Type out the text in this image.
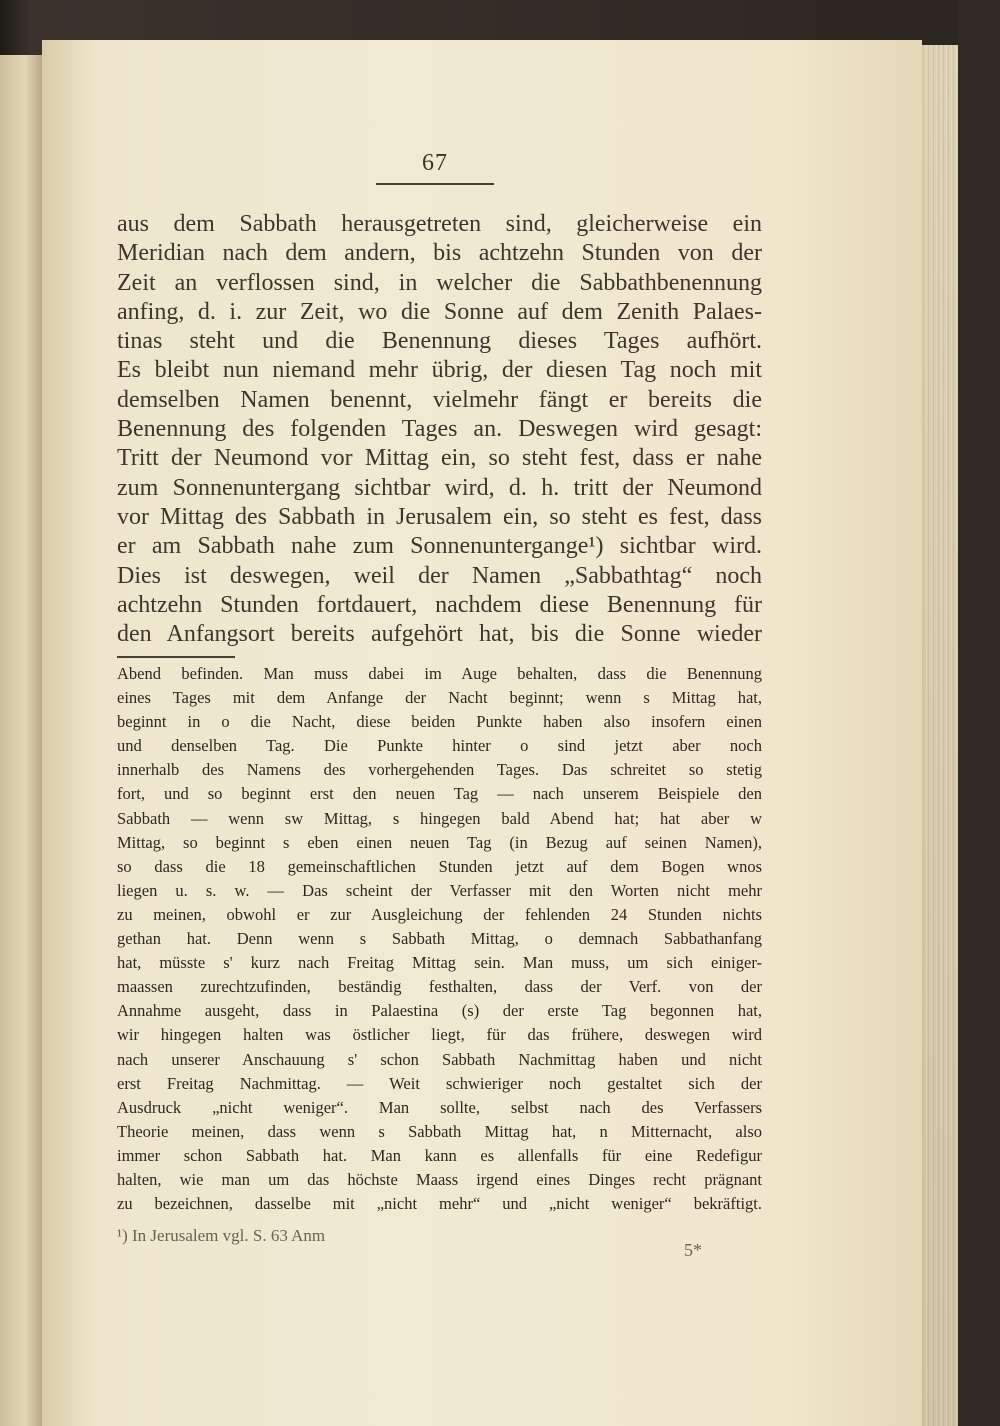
67
aus dem Sabbath herausgetreten sind, gleicherweise ein
Meridian nach dem andern, bis achtzehn Stunden von der
Zeit an verflossen sind, in welcher die Sabbathbenennung
anfing, d. i. zur Zeit, wo die Sonne auf dem Zenith Palaes-
tinas steht und die Benennung dieses Tages aufhört.
Es bleibt nun niemand mehr übrig, der diesen Tag noch mit
demselben Namen benennt, vielmehr fängt er bereits die
Benennung des folgenden Tages an. Deswegen wird gesagt:
Tritt der Neumond vor Mittag ein, so steht fest, dass er nahe
zum Sonnenuntergang sichtbar wird, d. h. tritt der Neumond
vor Mittag des Sabbath in Jerusalem ein, so steht es fest, dass
er am Sabbath nahe zum Sonnenuntergange¹) sichtbar wird.
Dies ist deswegen, weil der Namen „Sabbathtag“ noch
achtzehn Stunden fortdauert, nachdem diese Benennung für
den Anfangsort bereits aufgehört hat, bis die Sonne wieder
Abend befinden. Man muss dabei im Auge behalten, dass die Benennung
eines Tages mit dem Anfange der Nacht beginnt; wenn s Mittag hat,
beginnt in o die Nacht, diese beiden Punkte haben also insofern einen
und denselben Tag. Die Punkte hinter o sind jetzt aber noch
innerhalb des Namens des vorhergehenden Tages. Das schreitet so stetig
fort, und so beginnt erst den neuen Tag — nach unserem Beispiele den
Sabbath — wenn sw Mittag, s hingegen bald Abend hat; hat aber w
Mittag, so beginnt s eben einen neuen Tag (in Bezug auf seinen Namen),
so dass die 18 gemeinschaftlichen Stunden jetzt auf dem Bogen wnos
liegen u. s. w. — Das scheint der Verfasser mit den Worten nicht mehr
zu meinen, obwohl er zur Ausgleichung der fehlenden 24 Stunden nichts
gethan hat. Denn wenn s Sabbath Mittag, o demnach Sabbathanfang
hat, müsste s' kurz nach Freitag Mittag sein. Man muss, um sich einiger-
maassen zurechtzufinden, beständig festhalten, dass der Verf. von der
Annahme ausgeht, dass in Palaestina (s) der erste Tag begonnen hat,
wir hingegen halten was östlicher liegt, für das frühere, deswegen wird
nach unserer Anschauung s' schon Sabbath Nachmittag haben und nicht
erst Freitag Nachmittag. — Weit schwieriger noch gestaltet sich der
Ausdruck „nicht weniger“. Man sollte, selbst nach des Verfassers
Theorie meinen, dass wenn s Sabbath Mittag hat, n Mitternacht, also
immer schon Sabbath hat. Man kann es allenfalls für eine Redefigur
halten, wie man um das höchste Maass irgend eines Dinges recht prägnant
zu bezeichnen, dasselbe mit „nicht mehr“ und „nicht weniger“ bekräftigt.
¹) In Jerusalem vgl. S. 63 Anm
5*
